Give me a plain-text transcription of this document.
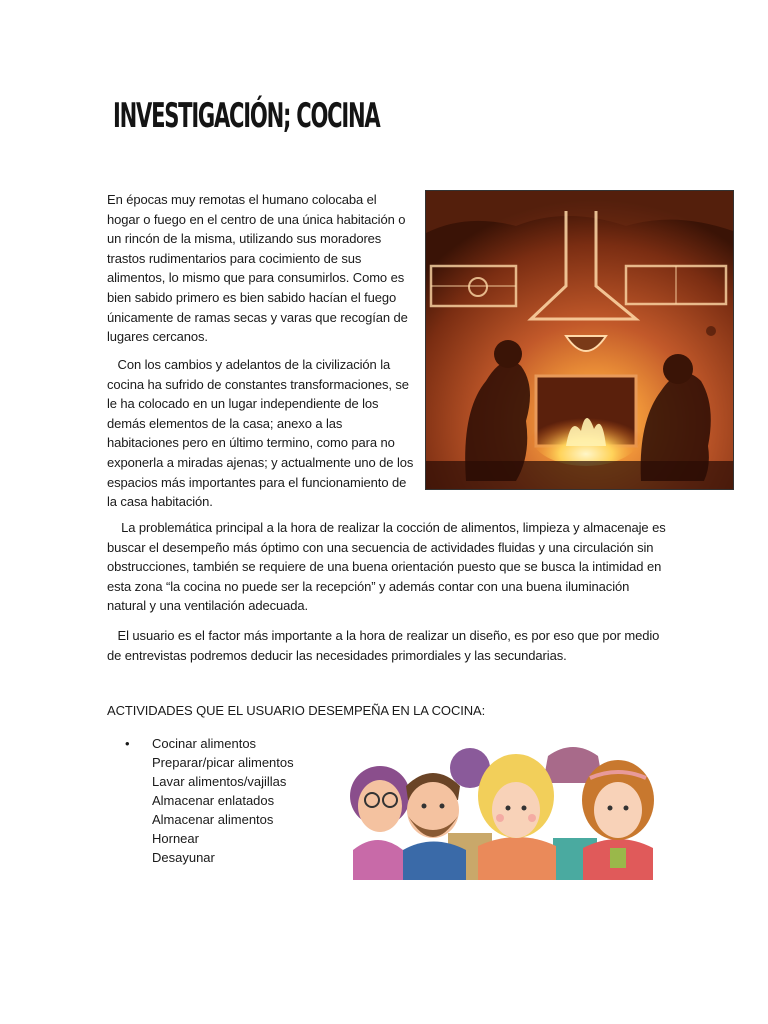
INVESTIGACIÓN; COCINA

En épocas muy remotas el humano colocaba el hogar o fuego en el centro de una única habitación o un rincón de la misma, utilizando sus moradores trastos rudimentarios para cocimiento de sus alimentos, lo mismo que para consumirlos. Como es bien sabido primero es bien sabido hacían el fuego únicamente de ramas secas y varas que recogían de lugares cercanos.

Con los cambios y adelantos de la civilización la cocina ha sufrido de constantes transformaciones, se le ha colocado en un lugar independiente de los demás elementos de la casa; anexo a las habitaciones pero en último termino, como para no exponerla a miradas ajenas; y actualmente uno de los espacios más importantes para el funcionamiento de la casa habitación.

La problemática principal a la hora de realizar la cocción de alimentos, limpieza y almacenaje es buscar el desempeño más óptimo con una secuencia de actividades fluidas y una circulación sin obstrucciones, también se requiere de una buena orientación puesto que se busca la intimidad en esta zona “la cocina no puede ser la recepción” y además contar con una buena iluminación natural y una ventilación adecuada.

El usuario es el factor más importante a la hora de realizar un diseño, es por eso que por medio de entrevistas podremos deducir las necesidades primordiales y las secundarias.

ACTIVIDADES QUE EL USUARIO DESEMPEÑA EN LA COCINA:
• Cocinar alimentos
Preparar/picar alimentos
Lavar alimentos/vajillas
Almacenar enlatados
Almacenar alimentos
Hornear
Desayunar
